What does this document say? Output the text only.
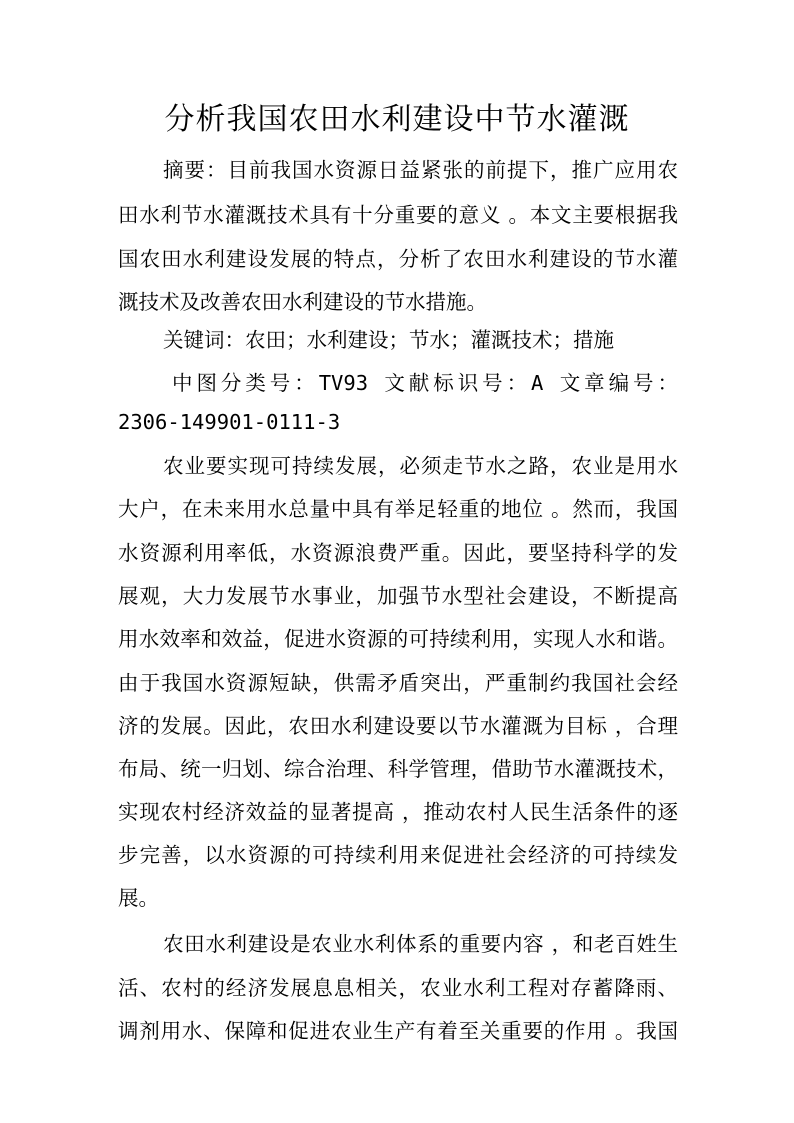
分析我国农田水利建设中节水灌溉
摘要：目前我国水资源日益紧张的前提下，推广应用农
田水利节水灌溉技术具有十分重要的意义 。本文主要根据我
国农田水利建设发展的特点，分析了农田水利建设的节水灌
溉技术及改善农田水利建设的节水措施。
关键词：农田；水利建设；节水；灌溉技术；措施
中图分类号：TV93 文献标识号：A 文章编号：
2306-149901-0111-3
农业要实现可持续发展，必须走节水之路，农业是用水
大户，在未来用水总量中具有举足轻重的地位 。然而，我国
水资源利用率低，水资源浪费严重。因此，要坚持科学的发
展观，大力发展节水事业，加强节水型社会建设，不断提高
用水效率和效益，促进水资源的可持续利用，实现人水和谐。
由于我国水资源短缺，供需矛盾突出，严重制约我国社会经
济的发展。因此，农田水利建设要以节水灌溉为目标 ，合理
布局、统一归划、综合治理、科学管理，借助节水灌溉技术，
实现农村经济效益的显著提高 ，推动农村人民生活条件的逐
步完善，以水资源的可持续利用来促进社会经济的可持续发
展。
农田水利建设是农业水利体系的重要内容 ，和老百姓生
活、农村的经济发展息息相关，农业水利工程对存蓄降雨、
调剂用水、保障和促进农业生产有着至关重要的作用 。我国
